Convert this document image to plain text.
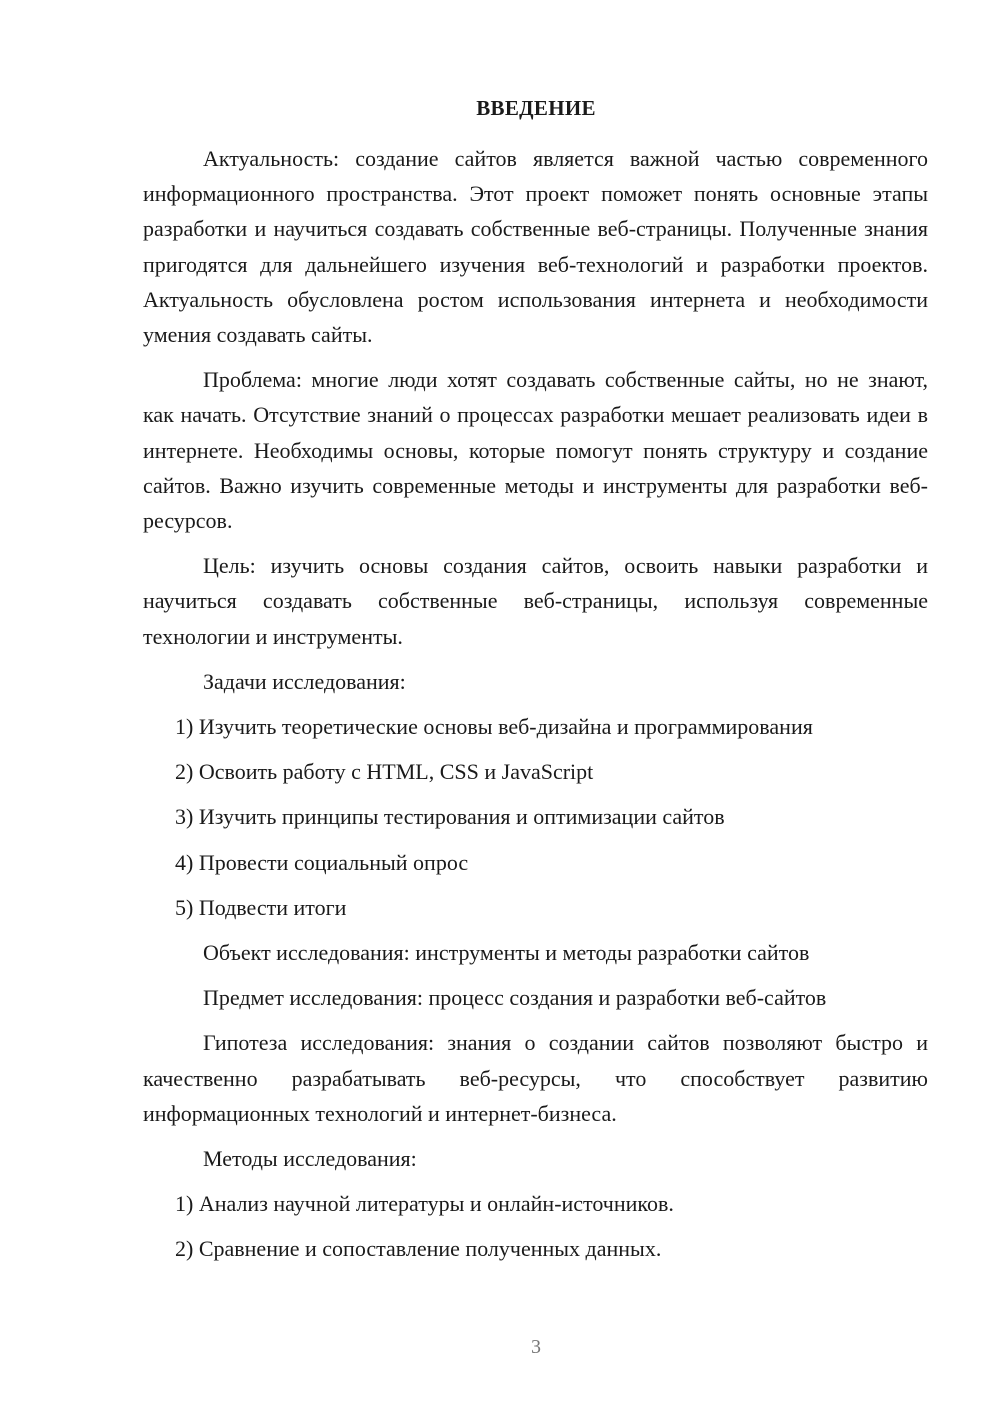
ВВЕДЕНИЕ

Актуальность: создание сайтов является важной частью современного информационного пространства. Этот проект поможет понять основные этапы разработки и научиться создавать собственные веб-страницы. Полученные знания пригодятся для дальнейшего изучения веб-технологий и разработки проектов. Актуальность обусловлена ростом использования интернета и необходимости умения создавать сайты.

Проблема: многие люди хотят создавать собственные сайты, но не знают, как начать. Отсутствие знаний о процессах разработки мешает реализовать идеи в интернете. Необходимы основы, которые помогут понять структуру и создание сайтов. Важно изучить современные методы и инструменты для разработки веб-ресурсов.

Цель: изучить основы создания сайтов, освоить навыки разработки и научиться создавать собственные веб-страницы, используя современные технологии и инструменты.

Задачи исследования:

1) Изучить теоретические основы веб-дизайна и программирования

2) Освоить работу с HTML, CSS и JavaScript

3) Изучить принципы тестирования и оптимизации сайтов

4) Провести социальный опрос

5) Подвести итоги

Объект исследования: инструменты и методы разработки сайтов

Предмет исследования: процесс создания и разработки веб-сайтов

Гипотеза исследования: знания о создании сайтов позволяют быстро и качественно разрабатывать веб-ресурсы, что способствует развитию информационных технологий и интернет-бизнеса.

Методы исследования:

1) Анализ научной литературы и онлайн-источников.

2) Сравнение и сопоставление полученных данных.

3
